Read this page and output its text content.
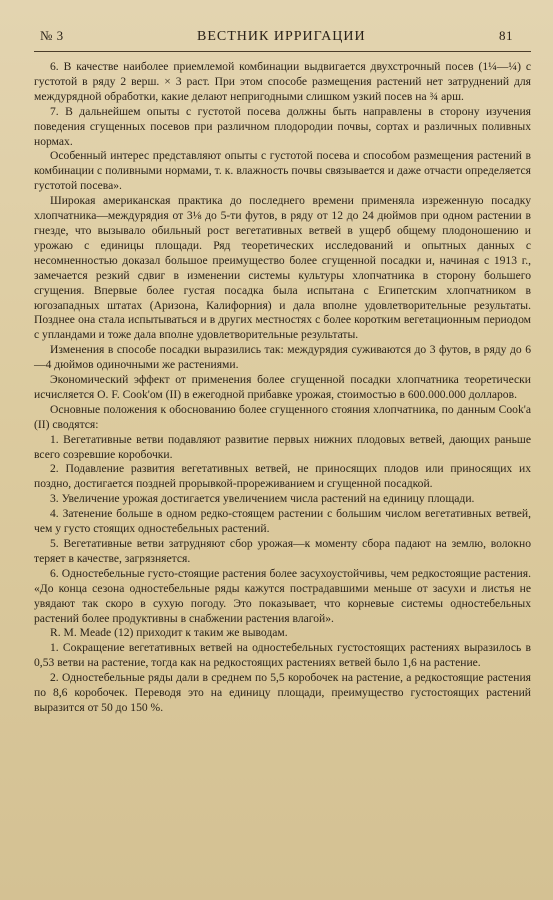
№ 3	ВЕСТНИК ИРРИГАЦИИ	81

6. В качестве наиболее приемлемой комбинации выдвигается двухстрочный посев (1¼—¼) с густотой в ряду 2 верш. × 3 раст. При этом способе размещения растений нет затруднений для междурядной обработки, какие делают непригодными слишком узкий посев на ¾ арш.

7. В дальнейшем опыты с густотой посева должны быть направлены в сторону изучения поведения сгущенных посевов при различном плодородии почвы, сортах и различных поливных нормах.

Особенный интерес представляют опыты с густотой посева и способом размещения растений в комбинации с поливными нормами, т. к. влажность почвы связывается и даже отчасти определяется густотой посева».

Широкая американская практика до последнего времени применяла изреженную посадку хлопчатника—междурядия от 3⅛ до 5-ти футов, в ряду от 12 до 24 дюймов при одном растении в гнезде, что вызывало обильный рост вегетативных ветвей в ущерб общему плодоношению и урожаю с единицы площади. Ряд теоретических исследований и опытных данных с несомненностью доказал большое преимущество более сгущенной посадки и, начиная с 1913 г., замечается резкий сдвиг в изменении системы культуры хлопчатника в сторону большего сгущения. Впервые более густая посадка была испытана с Египетским хлопчатником в югозападных штатах (Аризона, Калифорния) и дала вполне удовлетворительные результаты. Позднее она стала испытываться и в других местностях с более коротким вегетационным периодом с упландами и тоже дала вполне удовлетворительные результаты.

Изменения в способе посадки выразились так: междурядия суживаются до 3 футов, в ряду до 6—4 дюймов одиночными же растениями.

Экономический эффект от применения более сгущенной посадки хлопчатника теоретически исчисляется O. F. Cook'ом (II) в ежегодной прибавке урожая, стоимостью в 600.000.000 долларов.

Основные положения к обоснованию более сгущенного стояния хлопчатника, по данным Cook'a (II) сводятся:

1. Вегетативные ветви подавляют развитие первых нижних плодовых ветвей, дающих раньше всего созревшие коробочки.

2. Подавление развития вегетативных ветвей, не приносящих плодов или приносящих их поздно, достигается поздней прорывкой-прореживанием и сгущенной посадкой.

3. Увеличение урожая достигается увеличением числа растений на единицу площади.

4. Затенение больше в одном редко-стоящем растении с большим числом вегетативных ветвей, чем у густо стоящих одностебельных растений.

5. Вегетативные ветви затрудняют сбор урожая—к моменту сбора падают на землю, волокно теряет в качестве, загрязняется.

6. Одностебельные густо-стоящие растения более засухоустойчивы, чем редкостоящие растения. «До конца сезона одностебельные ряды кажутся пострадавшими меньше от засухи и листья не увядают так скоро в сухую погоду. Это показывает, что корневые системы одностебельных растений более продуктивны в снабжении растения влагой».

R. M. Meade (12) приходит к таким же выводам.

1. Сокращение вегетативных ветвей на одностебельных густостоящих растениях выразилось в 0,53 ветви на растение, тогда как на редкостоящих растениях ветвей было 1,6 на растение.

2. Одностебельные ряды дали в среднем по 5,5 коробочек на растение, а редкостоящие растения по 8,6 коробочек. Переводя это на единицу площади, преимущество густостоящих растений выразится от 50 до 150 %.
